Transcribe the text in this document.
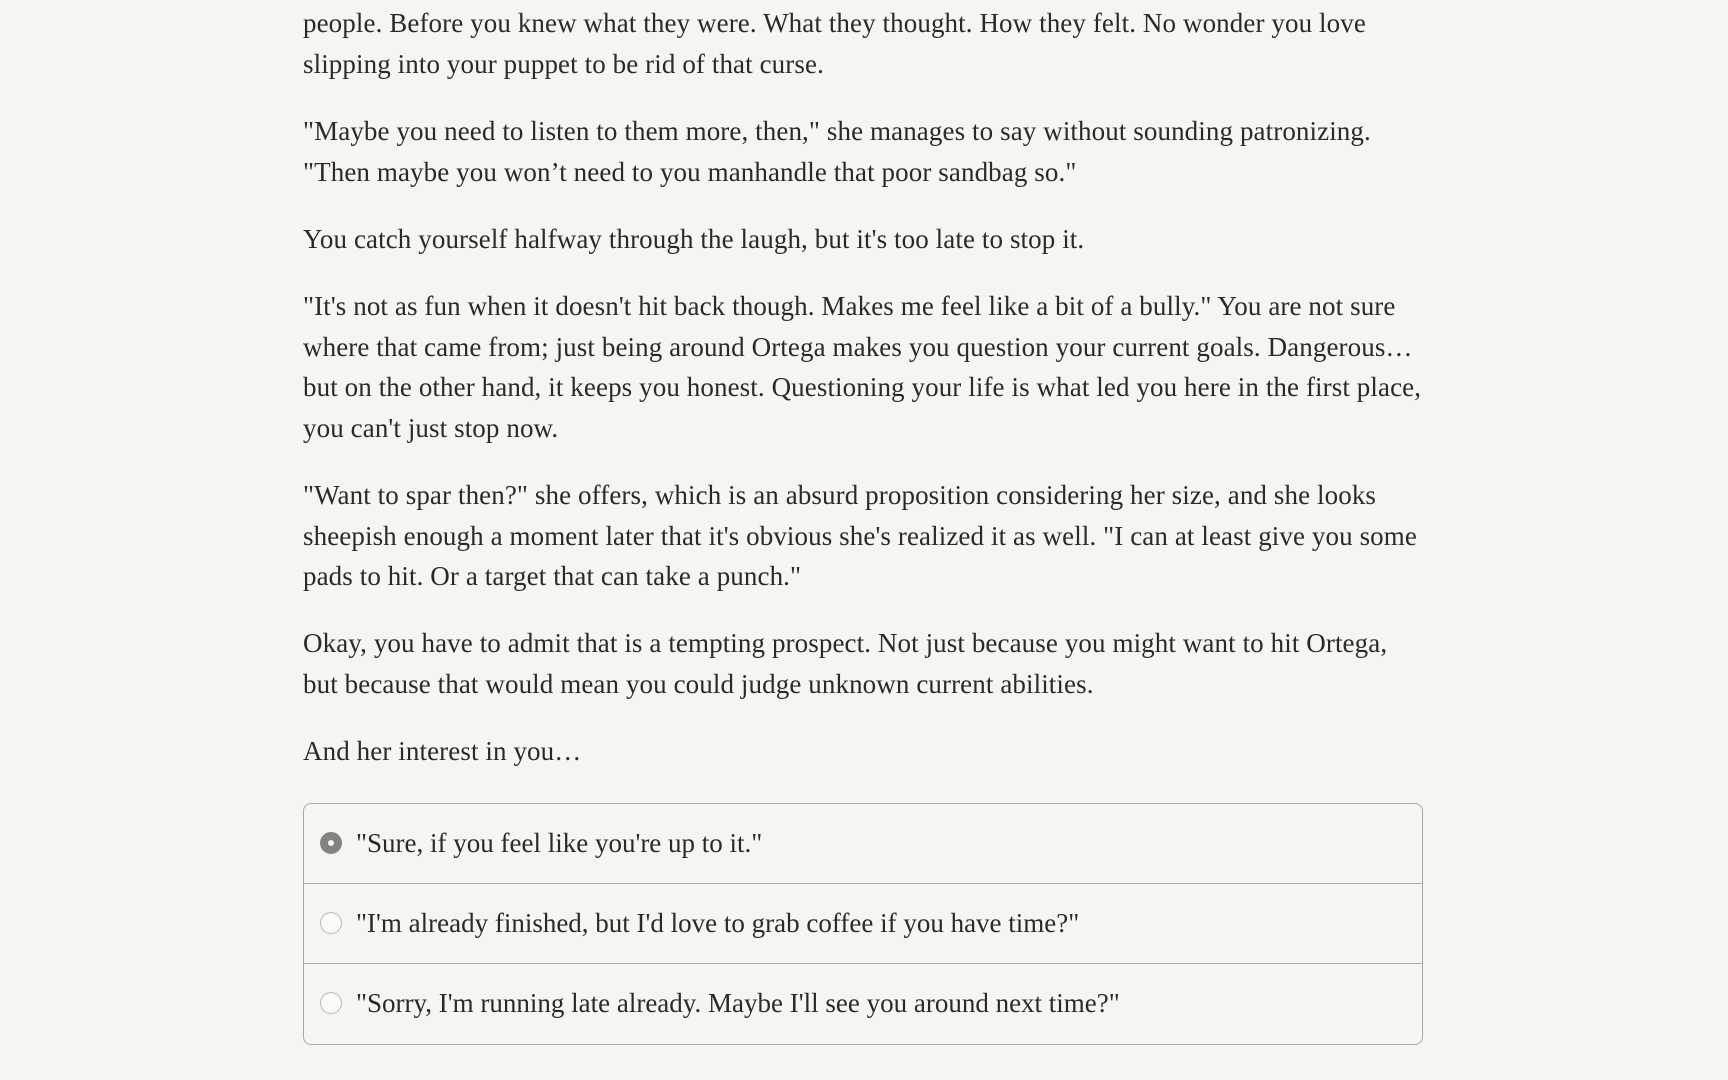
people. Before you knew what they were. What they thought. How they felt. No wonder you love slipping into your puppet to be rid of that curse.

"Maybe you need to listen to them more, then," she manages to say without sounding patronizing. "Then maybe you won’t need to you manhandle that poor sandbag so."

You catch yourself halfway through the laugh, but it's too late to stop it.

"It's not as fun when it doesn't hit back though. Makes me feel like a bit of a bully." You are not sure where that came from; just being around Ortega makes you question your current goals. Dangerous… but on the other hand, it keeps you honest. Questioning your life is what led you here in the first place, you can't just stop now.

"Want to spar then?" she offers, which is an absurd proposition considering her size, and she looks sheepish enough a moment later that it's obvious she's realized it as well. "I can at least give you some pads to hit. Or a target that can take a punch."

Okay, you have to admit that is a tempting prospect. Not just because you might want to hit Ortega, but because that would mean you could judge unknown current abilities.

And her interest in you…

"Sure, if you feel like you're up to it."
"I'm already finished, but I'd love to grab coffee if you have time?"
"Sorry, I'm running late already. Maybe I'll see you around next time?"
